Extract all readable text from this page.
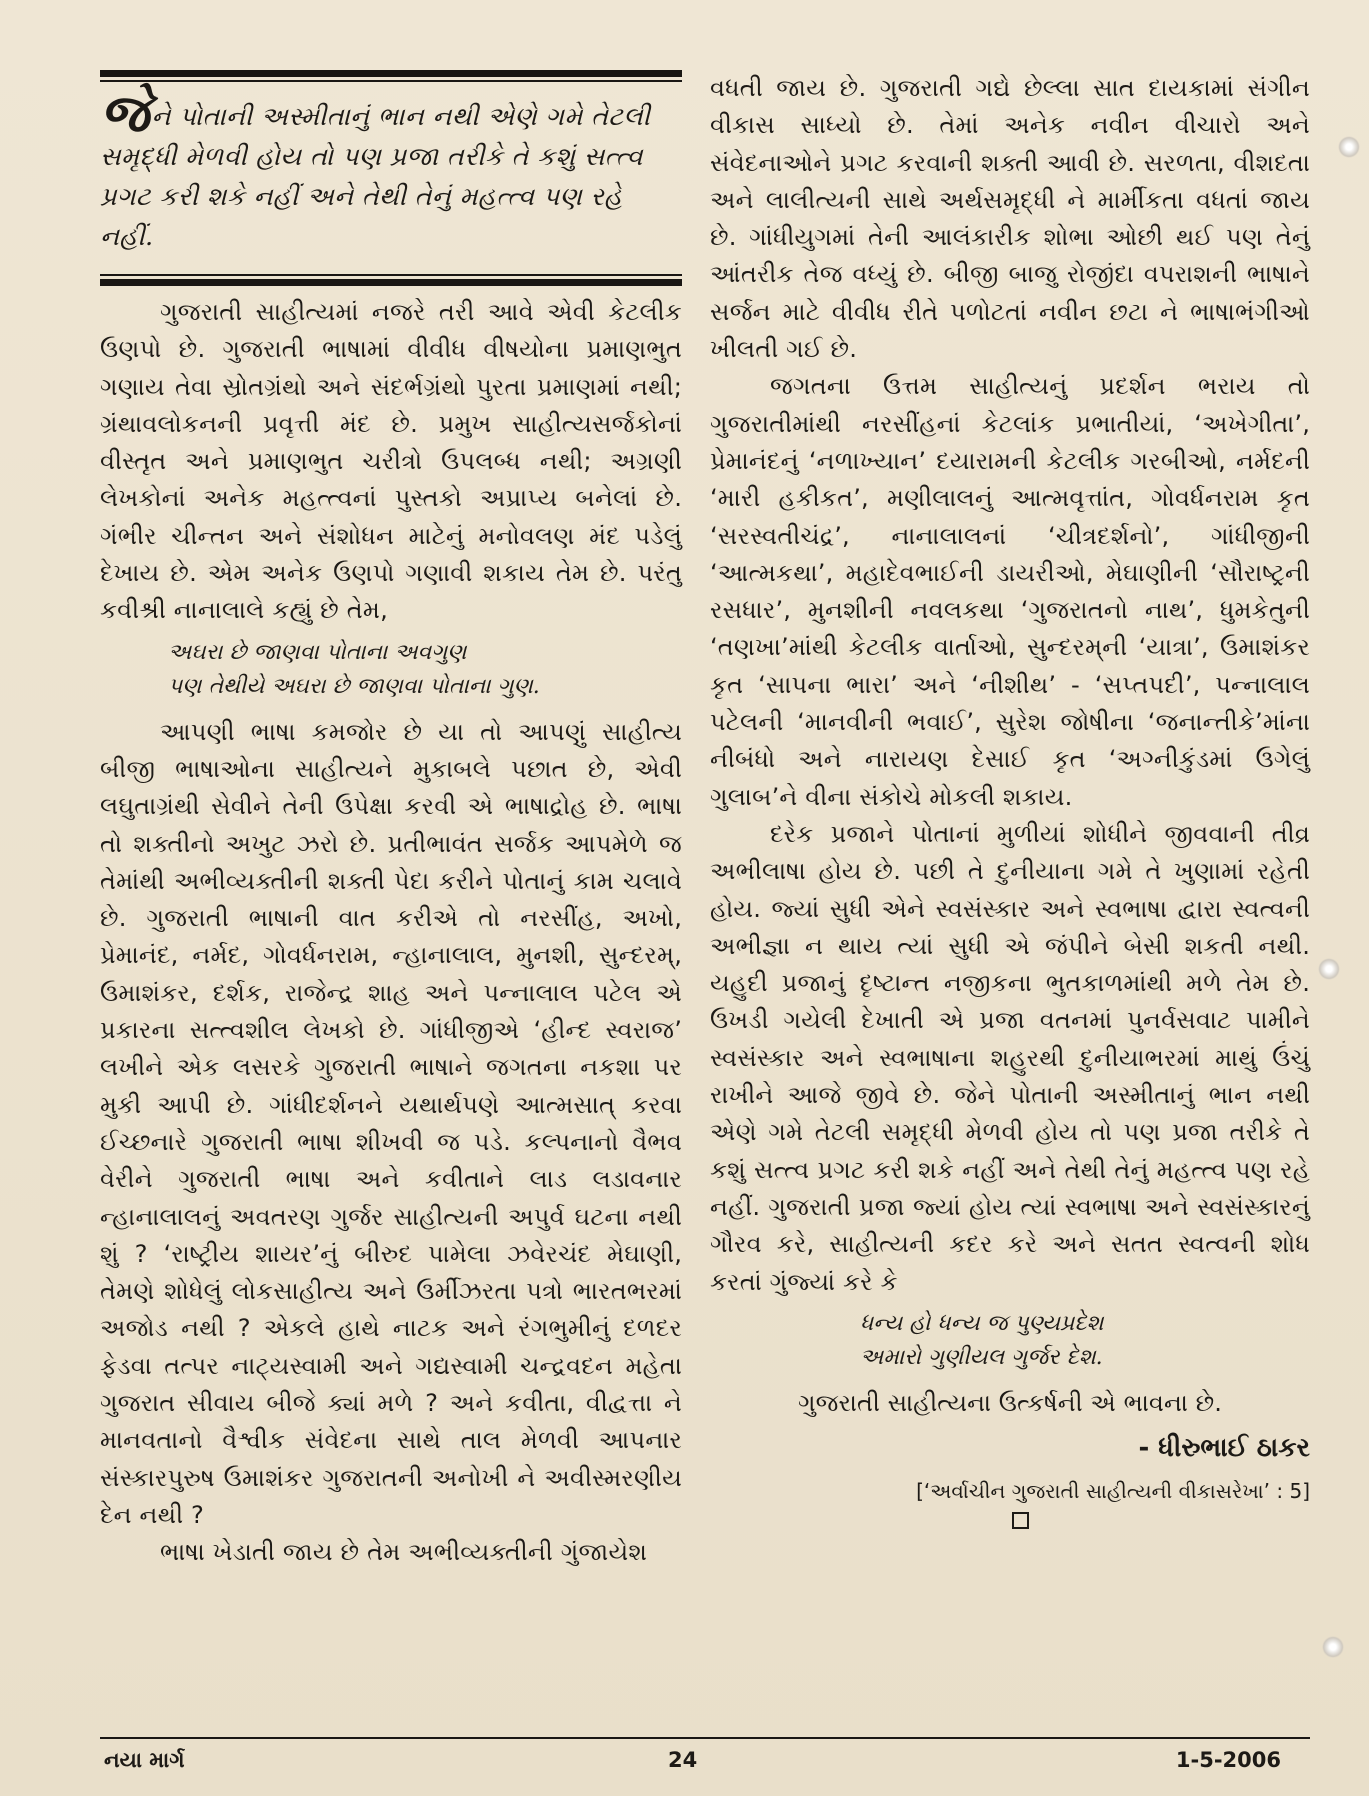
જેને પોતાની અસ્મીતાનું ભાન નથી એણે ગમે તેટલી સમૃદ્ધી મેળવી હોય તો પણ પ્રજા તરીકે તે કશું સત્ત્વ પ્રગટ કરી શકે નહીં અને તેથી તેનું મહત્ત્વ પણ રહે નહીં.

ગુજરાતી સાહીત્યમાં નજરે તરી આવે એવી કેટલીક ઉણપો છે. ગુજરાતી ભાષામાં વીવીધ વીષયોના પ્રમાણભુત ગણાય તેવા સ્રોતગ્રંથો અને સંદર્ભગ્રંથો પુરતા પ્રમાણમાં નથી; ગ્રંથાવલોકનની પ્રવૃત્તી મંદ છે. પ્રમુખ સાહીત્યસર્જકોનાં વીસ્તૃત અને પ્રમાણભુત ચરીત્રો ઉપલબ્ધ નથી; અગ્રણી લેખકોનાં અનેક મહત્ત્વનાં પુસ્તકો અપ્રાપ્ય બનેલાં છે. ગંભીર ચીન્તન અને સંશોધન માટેનું મનોવલણ મંદ પડેલું દેખાય છે. એમ અનેક ઉણપો ગણાવી શકાય તેમ છે. પરંતુ કવીશ્રી નાનાલાલે કહ્યું છે તેમ,

અઘરા છે જાણવા પોતાના અવગુણ
પણ તેથીયે અઘરા છે જાણવા પોતાના ગુણ.

આપણી ભાષા કમજોર છે યા તો આપણું સાહીત્ય બીજી ભાષાઓના સાહીત્યને મુકાબલે પછાત છે, એવી લઘુતાગ્રંથી સેવીને તેની ઉપેક્ષા કરવી એ ભાષાદ્રોહ છે. ભાષા તો શક્તીનો અખુટ ઝરો છે. પ્રતીભાવંત સર્જક આપમેળે જ તેમાંથી અભીવ્યક્તીની શક્તી પેદા કરીને પોતાનું કામ ચલાવે છે. ગુજરાતી ભાષાની વાત કરીએ તો નરસીંહ, અખો, પ્રેમાનંદ, નર્મદ, ગોવર્ધનરામ, ન્હાનાલાલ, મુનશી, સુન્દરમ્, ઉમાશંકર, દર્શક, રાજેન્દ્ર શાહ અને પન્નાલાલ પટેલ એ પ્રકારના સત્ત્વશીલ લેખકો છે. ગાંધીજીએ ‘હીન્દ સ્વરાજ’ લખીને એક લસરકે ગુજરાતી ભાષાને જગતના નકશા પર મુકી આપી છે. ગાંધીદર્શનને યથાર્થપણે આત્મસાત્ કરવા ઈચ્છનારે ગુજરાતી ભાષા શીખવી જ પડે. કલ્પનાનો વૈભવ વેરીને ગુજરાતી ભાષા અને કવીતાને લાડ લડાવનાર ન્હાનાલાલનું અવતરણ ગુર્જર સાહીત્યની અપુર્વ ઘટના નથી શું ? ‘રાષ્ટ્રીય શાયર’નું બીરુદ પામેલા ઝવેરચંદ મેઘાણી, તેમણે શોધેલું લોકસાહીત્ય અને ઉર્મીઝરતા પત્રો ભારતભરમાં અજોડ નથી ? એકલે હાથે નાટક અને રંગભુમીનું દળદર ફેડવા તત્પર નાટ્યસ્વામી અને ગદ્યસ્વામી ચન્દ્રવદન મહેતા ગુજરાત સીવાય બીજે ક્યાં મળે ? અને કવીતા, વીદ્વત્તા ને માનવતાનો વૈશ્વીક સંવેદના સાથે તાલ મેળવી આપનાર સંસ્કારપુરુષ ઉમાશંકર ગુજરાતની અનોખી ને અવીસ્મરણીય દેન નથી ?

ભાષા ખેડાતી જાય છે તેમ અભીવ્યક્તીની ગુંજાયેશ

વધતી જાય છે. ગુજરાતી ગદ્યે છેલ્લા સાત દાયકામાં સંગીન વીકાસ સાધ્યો છે. તેમાં અનેક નવીન વીચારો અને સંવેદનાઓને પ્રગટ કરવાની શક્તી આવી છે. સરળતા, વીશદતા અને લાલીત્યની સાથે અર્થસમૃદ્ધી ને માર્મીકતા વધતાં જાય છે. ગાંધીયુગમાં તેની આલંકારીક શોભા ઓછી થઈ પણ તેનું આંતરીક તેજ વધ્યું છે. બીજી બાજુ રોજીંદા વપરાશની ભાષાને સર્જન માટે વીવીધ રીતે પળોટતાં નવીન છટા ને ભાષાભંગીઓ ખીલતી ગઈ છે.

જગતના ઉત્તમ સાહીત્યનું પ્રદર્શન ભરાય તો ગુજરાતીમાંથી નરસીંહનાં કેટલાંક પ્રભાતીયાં, ‘અખેગીતા’, પ્રેમાનંદનું ‘નળાખ્યાન’ દયારામની કેટલીક ગરબીઓ, નર્મદની ‘મારી હકીકત’, મણીલાલનું આત્મવૃત્તાંત, ગોવર્ધનરામ કૃત ‘સરસ્વતીચંદ્ર’, નાનાલાલનાં ‘ચીત્રદર્શનો’, ગાંધીજીની ‘આત્મકથા’, મહાદેવભાઈની ડાયરીઓ, મેઘાણીની ‘સૌરાષ્ટ્રની રસધાર’, મુનશીની નવલકથા ‘ગુજરાતનો નાથ’, ધુમકેતુની ‘તણખા’માંથી કેટલીક વાર્તાઓ, સુન્દરમ્‌ની ‘યાત્રા’, ઉમાશંકર કૃત ‘સાપના ભારા’ અને ‘નીશીથ’ - ‘સપ્તપદી’, પન્નાલાલ પટેલની ‘માનવીની ભવાઈ’, સુરેશ જોષીના ‘જનાન્તીકે’માંના નીબંધો અને નારાયણ દેસાઈ કૃત ‘અગ્નીકુંડમાં ઉગેલું ગુલાબ’ને વીના સંકોચે મોકલી શકાય.

દરેક પ્રજાને પોતાનાં મુળીયાં શોધીને જીવવાની તીવ્ર અભીલાષા હોય છે. પછી તે દુનીયાના ગમે તે ખુણામાં રહેતી હોય. જ્યાં સુધી એને સ્વસંસ્કાર અને સ્વભાષા દ્વારા સ્વત્વની અભીજ્ઞા ન થાય ત્યાં સુધી એ જંપીને બેસી શકતી નથી. યહુદી પ્રજાનું દૃષ્ટાન્ત નજીકના ભુતકાળમાંથી મળે તેમ છે. ઉખડી ગયેલી દેખાતી એ પ્રજા વતનમાં પુનર્વસવાટ પામીને સ્વસંસ્કાર અને સ્વભાષાના શહુરથી દુનીયાભરમાં માથું ઉંચું રાખીને આજે જીવે છે. જેને પોતાની અસ્મીતાનું ભાન નથી એણે ગમે તેટલી સમૃદ્ધી મેળવી હોય તો પણ પ્રજા તરીકે તે કશું સત્ત્વ પ્રગટ કરી શકે નહીં અને તેથી તેનું મહત્ત્વ પણ રહે નહીં. ગુજરાતી પ્રજા જ્યાં હોય ત્યાં સ્વભાષા અને સ્વસંસ્કારનું ગૌરવ કરે, સાહીત્યની કદર કરે અને સતત સ્વત્વની શોધ કરતાં ગુંજ્યાં કરે કે

ધન્ય હો ધન્ય જ પુણ્યપ્રદેશ
અમારો ગુણીયલ ગુર્જર દેશ.

ગુજરાતી સાહીત્યના ઉત્કર્ષની એ ભાવના છે.

- ધીરુભાઈ ઠાકર
[‘અર્વાચીન ગુજરાતી સાહીત્યની વીકાસરેખા’ : 5]
નયા માર્ગ	24	1-5-2006
